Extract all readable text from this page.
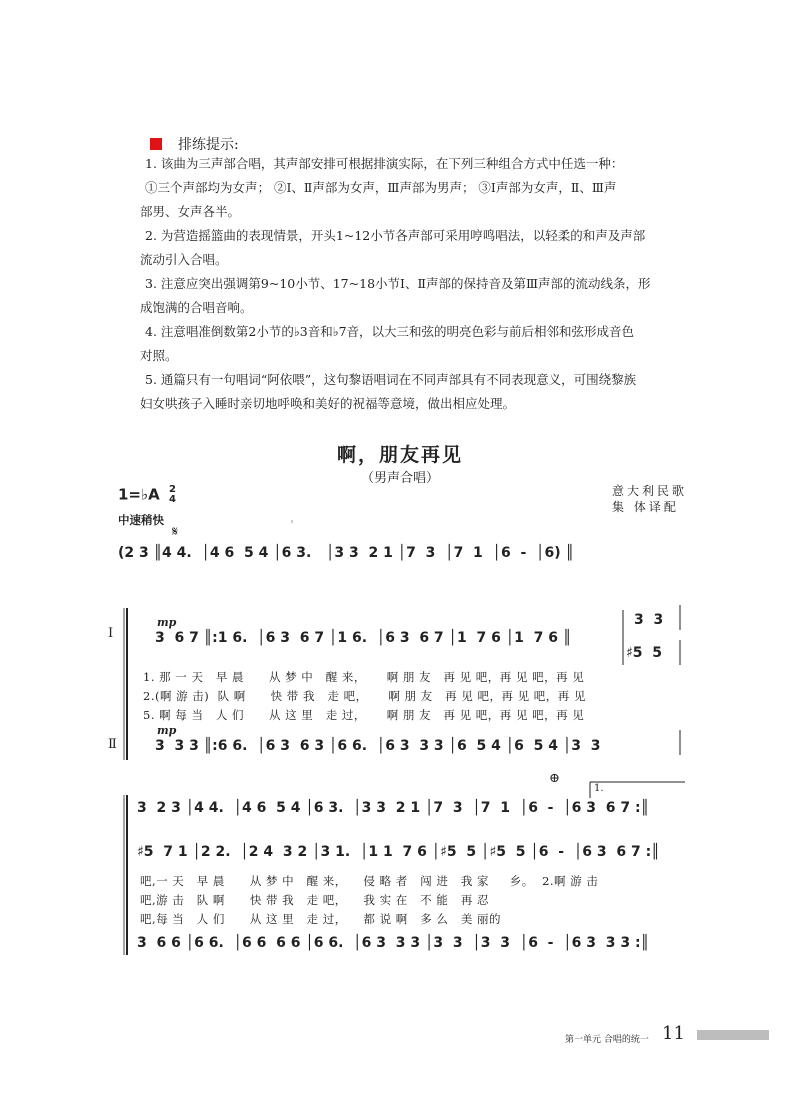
排练提示:
1. 该曲为三声部合唱，其声部安排可根据排演实际，在下列三种组合方式中任选一种：
①三个声部均为女声； ②Ⅰ、Ⅱ声部为女声，Ⅲ声部为男声； ③Ⅰ声部为女声，Ⅱ、Ⅲ声
部男、女声各半。
2. 为营造摇篮曲的表现情景，开头1~12小节各声部可采用哼鸣唱法，以轻柔的和声及声部
流动引入合唱。
3. 注意应突出强调第9~10小节、17~18小节Ⅰ、Ⅱ声部的保持音及第Ⅲ声部的流动线条，形
成饱满的合唱音响。
4. 注意唱准倒数第2小节的♭3音和♭7音，以大三和弦的明亮色彩与前后相邻和弦形成音色
对照。
5. 通篇只有一句唱词“阿依喂”，这句黎语唱词在不同声部具有不同表现意义，可围绕黎族
妇女哄孩子入睡时亲切地呼唤和美好的祝福等意境，做出相应处理。
啊，朋友再见
（男声合唱）
1=♭A 2
4
意大利民歌
集 体译配
中速稍快
𝄋
(2 3 ║4 4.  │4 6  5 4 │6 3.   │3 3  2 1 │7  3  │7  1  │6  -  │6) ║
mp
Ⅰ	3  6 7 ║:1 6.  │6 3  6 7 │1 6.  │6 3  6 7 │1  7 6 │1  7 6 ║
3  3
♯5  5
1. 那 一 天   早 晨      从 梦 中   醒 来，     啊 朋 友   再 见 吧，再 见 吧，再 见
2.(啊 游 击)  队 啊      快 带 我   走 吧，     啊 朋 友   再 见 吧，再 见 吧，再 见
5. 啊 每 当   人 们      从 这 里   走 过，     啊 朋 友   再 见 吧，再 见 吧，再 见
mp
Ⅱ	3  3 3 ║:6 6.  │6 3  6 3 │6 6.  │6 3  3 3 │6  5 4 │6  5 4 │3  3
⊕
1.
3  2 3 │4 4.  │4 6  5 4 │6 3.  │3 3  2 1 │7  3  │7  1  │6  -  │6 3  6 7 :║
♯5  7 1 │2 2.  │2 4  3 2 │3 1.  │1 1  7 6 │♯5  5 │♯5  5 │6  -  │6 3  6 7 :║
吧,一 天   早 晨      从 梦 中   醒 来，    侵 略 者   闯 进   我 家     乡。  2.啊 游 击
吧,游 击   队 啊      快 带 我   走 吧，    我 实 在   不 能   再 忍
吧,每 当   人 们      从 这 里   走 过，    都 说 啊   多 么   美 丽的
3  6 6 │6 6.  │6 6  6 6 │6 6.  │6 3  3 3 │3  3  │3  3  │6  -  │6 3  3 3 :║
第一单元 合唱的统一 11
